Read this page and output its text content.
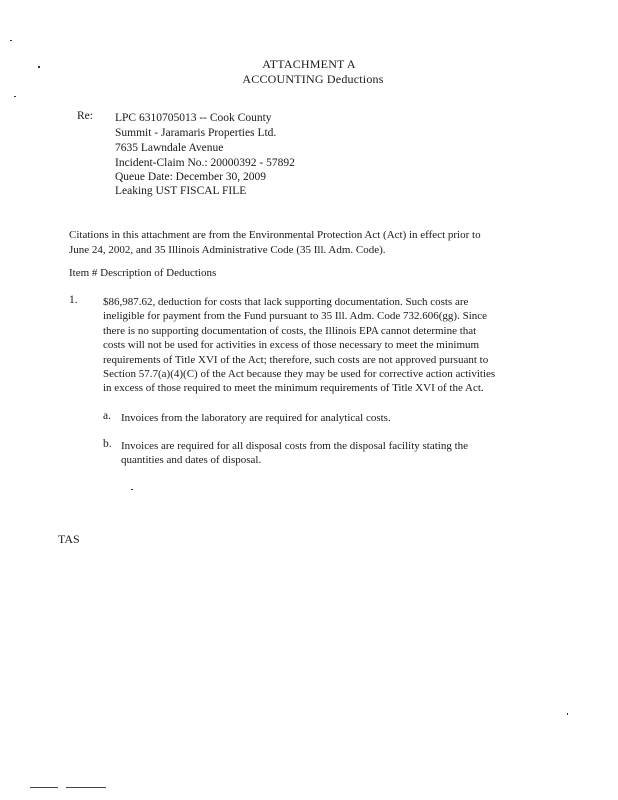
ATTACHMENT A
ACCOUNTING Deductions
Re: LPC 6310705013 -- Cook County
Summit - Jaramaris Properties Ltd.
7635 Lawndale Avenue
Incident-Claim No.: 20000392 - 57892
Queue Date: December 30, 2009
Leaking UST FISCAL FILE
Citations in this attachment are from the Environmental Protection Act (Act) in effect prior to
June 24, 2002, and 35 Illinois Administrative Code (35 Ill. Adm. Code).
Item # Description of Deductions
1. $86,987.62, deduction for costs that lack supporting documentation. Such costs are
ineligible for payment from the Fund pursuant to 35 Ill. Adm. Code 732.606(gg). Since
there is no supporting documentation of costs, the Illinois EPA cannot determine that
costs will not be used for activities in excess of those necessary to meet the minimum
requirements of Title XVI of the Act; therefore, such costs are not approved pursuant to
Section 57.7(a)(4)(C) of the Act because they may be used for corrective action activities
in excess of those required to meet the minimum requirements of Title XVI of the Act.
a. Invoices from the laboratory are required for analytical costs.
b. Invoices are required for all disposal costs from the disposal facility stating the
quantities and dates of disposal.
TAS
